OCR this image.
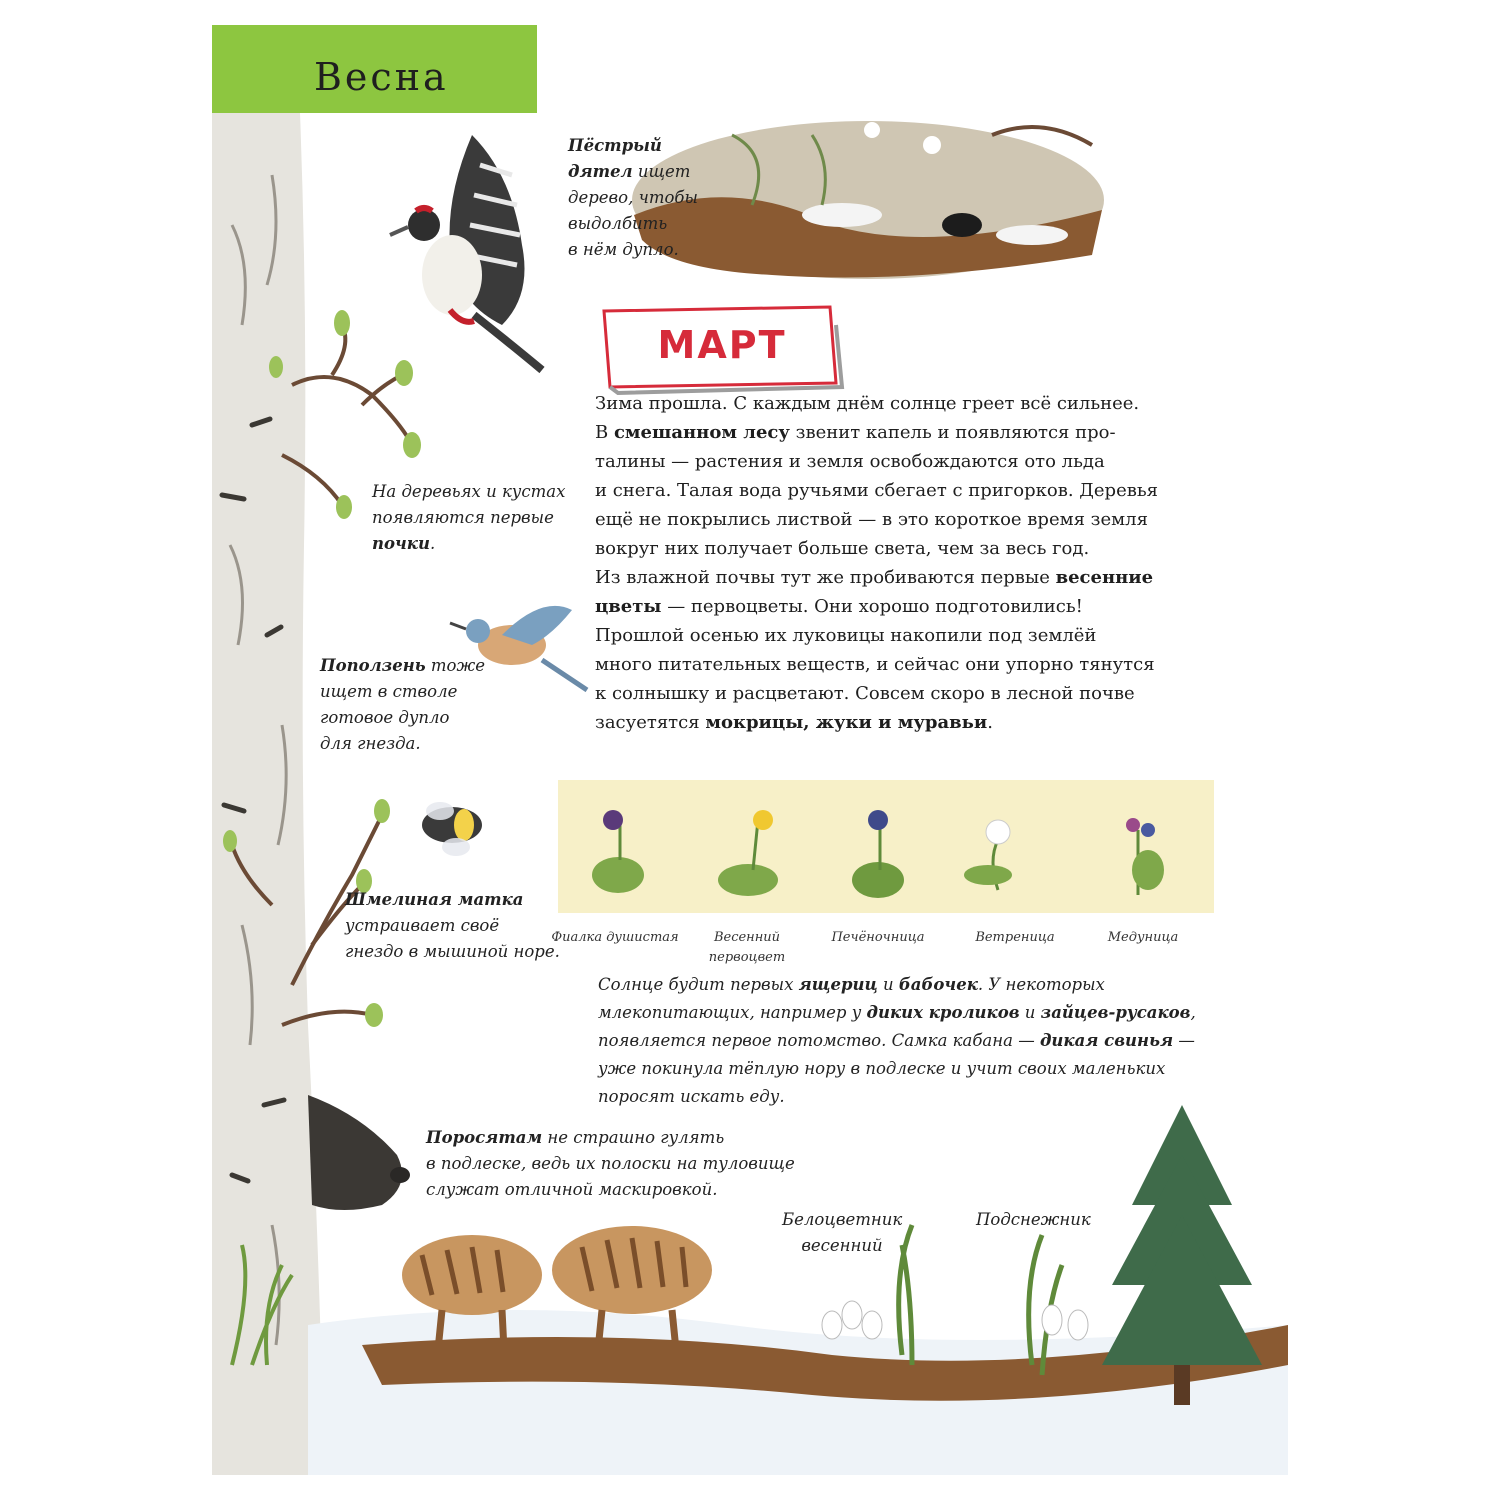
Весна
Пёстрый
дятел ищет
дерево, чтобы
выдолбить
в нём дупло.
МАРТ
Зима прошла. С каждым днём солнце греет всё сильнее.
В смешанном лесу звенит капель и появляются про-
талины — растения и земля освобождаются ото льда
и снега. Талая вода ручьями сбегает с пригорков. Деревья
ещё не покрылись листвой — в это короткое время земля
вокруг них получает больше света, чем за весь год.
Из влажной почвы тут же пробиваются первые весенние
цветы — первоцветы. Они хорошо подготовились!
Прошлой осенью их луковицы накопили под землёй
много питательных веществ, и сейчас они упорно тянутся
к солнышку и расцветают. Совсем скоро в лесной почве
засуетятся мокрицы, жуки и муравьи.
На деревьях и кустах
появляются первые
почки.
Поползень тоже
ищет в стволе
готовое дупло
для гнезда.
Фиалка душистая	Весенний
первоцвет
Печёночница	Ветреница	Медуница
Шмелиная матка
устраивает своё
гнездо в мышиной норе.
Солнце будит первых ящериц и бабочек. У некоторых
млекопитающих, например у диких кроликов и зайцев-русаков,
появляется первое потомство. Самка кабана — дикая свинья —
уже покинула тёплую нору в подлеске и учит своих маленьких
поросят искать еду.
Поросятам не страшно гулять
в подлеске, ведь их полоски на туловище
служат отличной маскировкой.
Белоцветник
весенний
Подснежник
